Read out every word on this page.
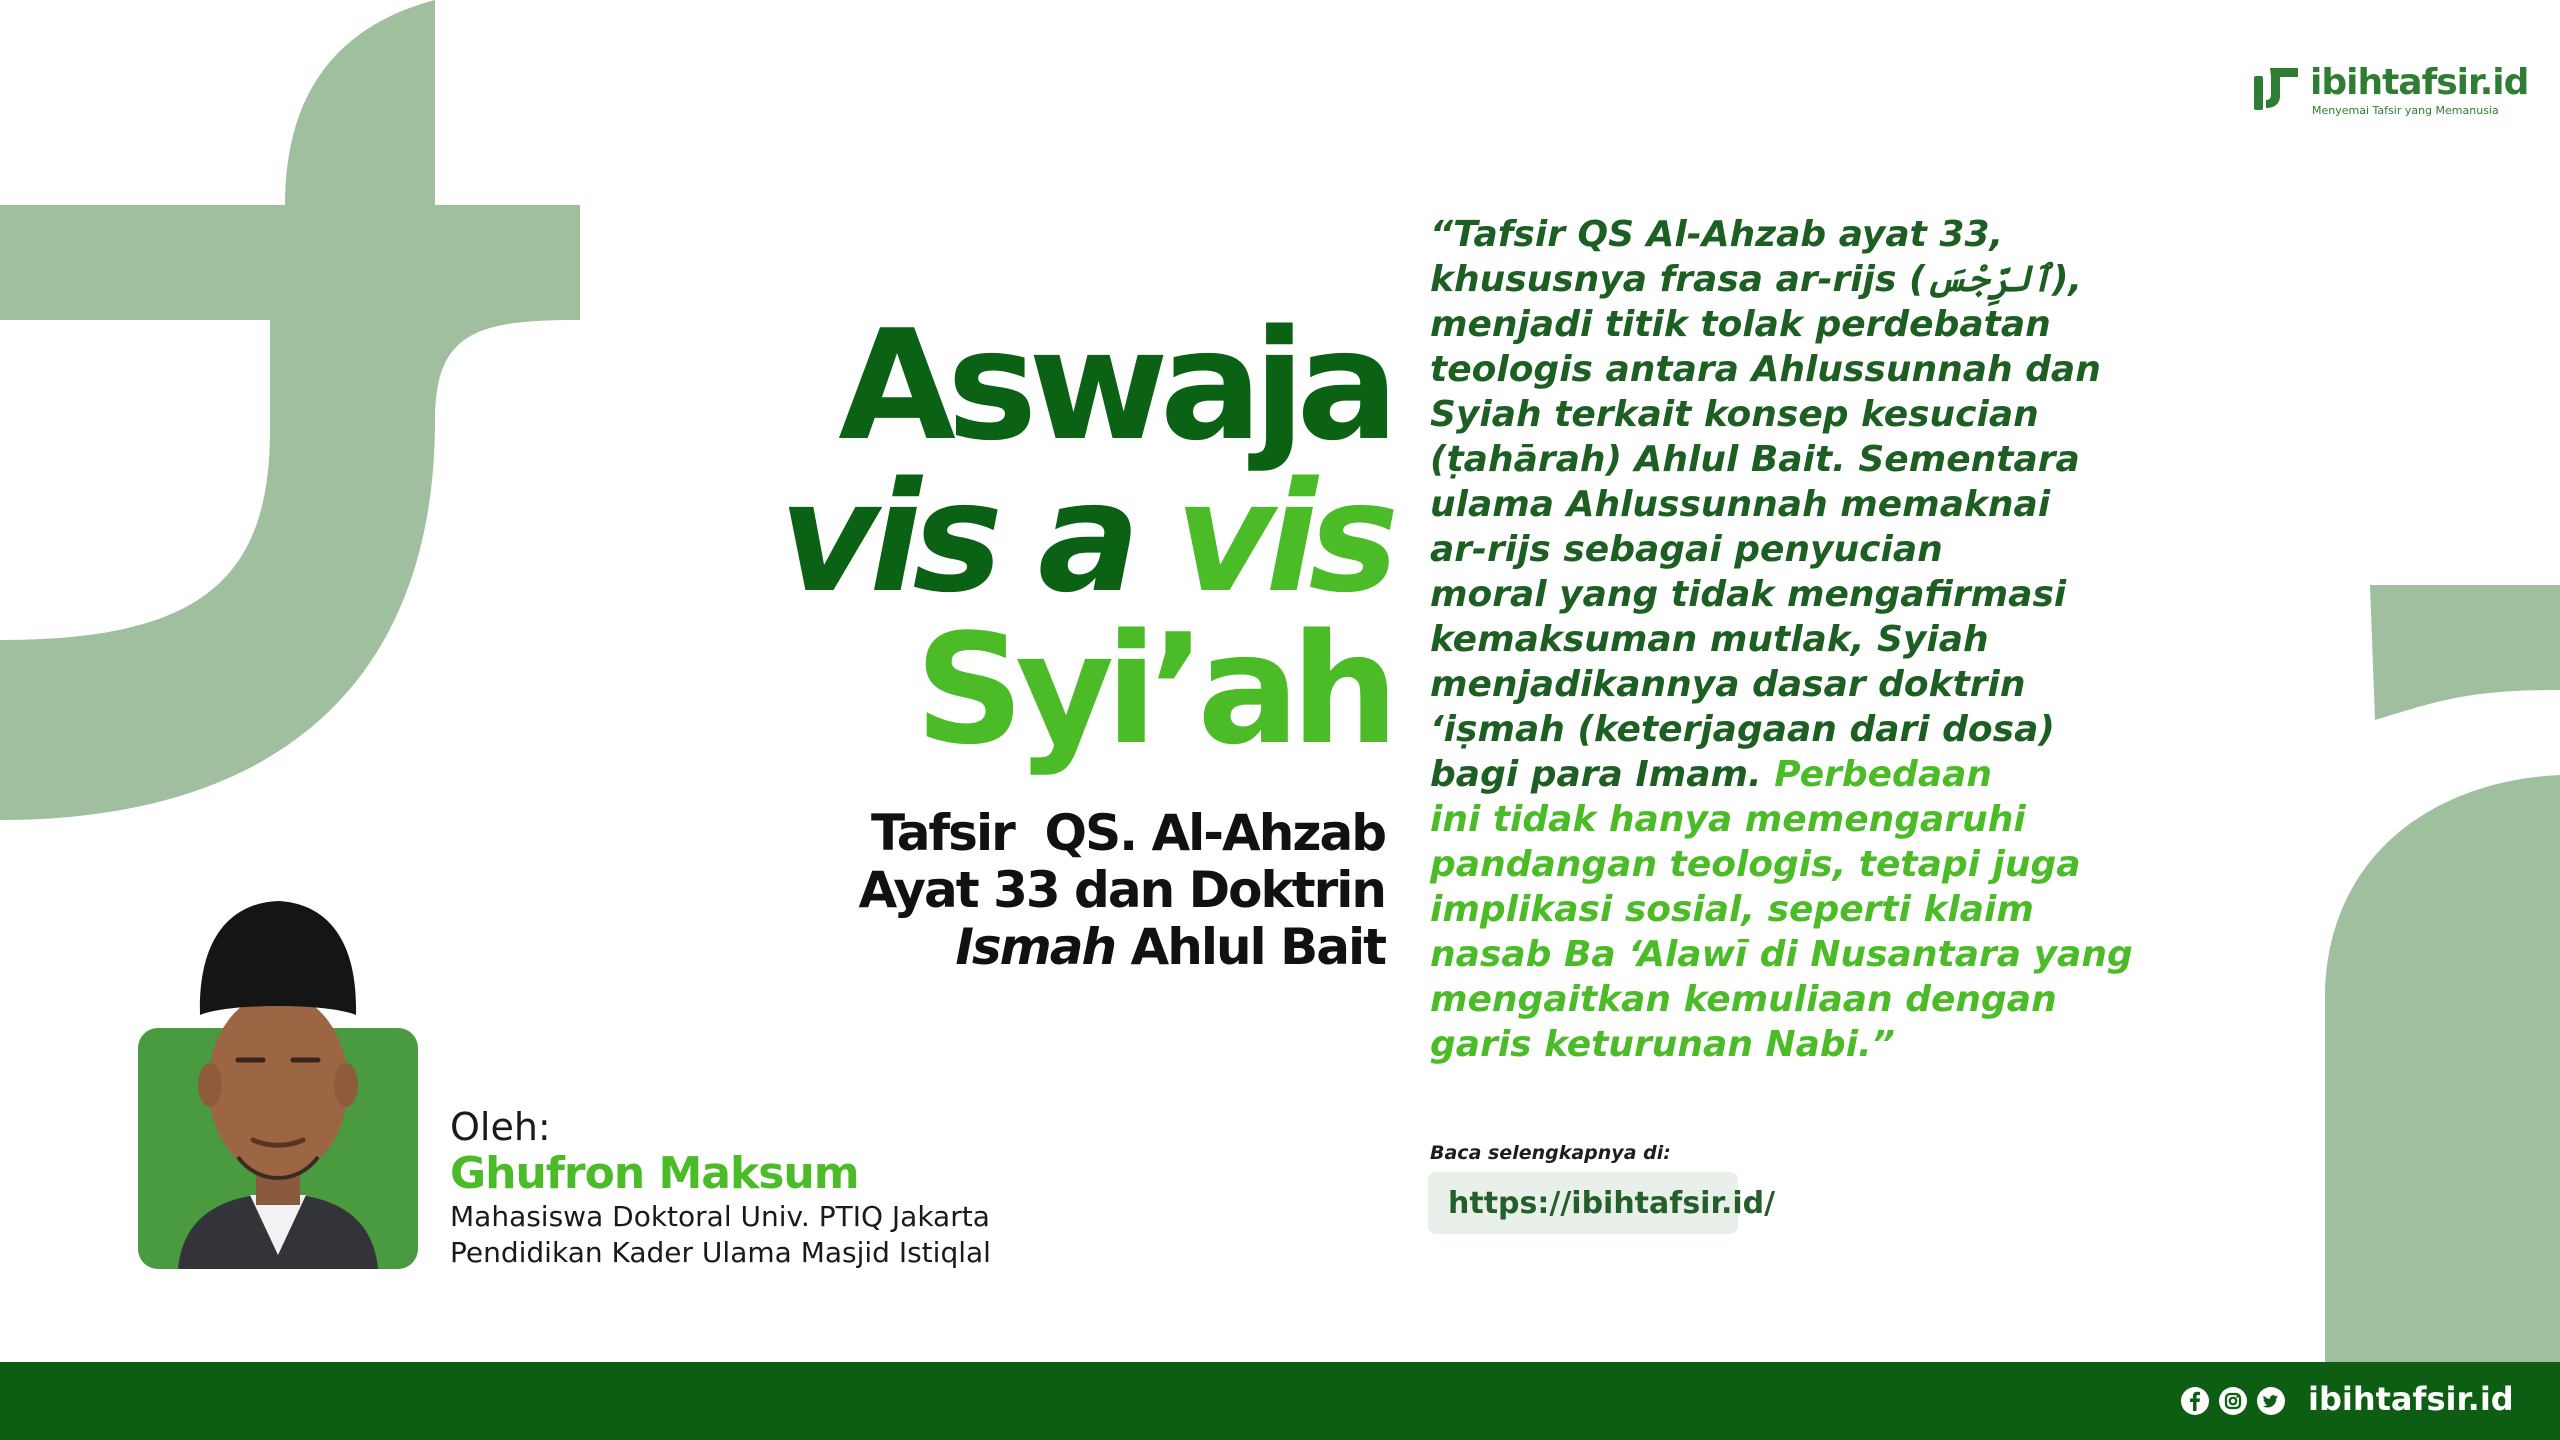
ibihtafsir.id
Menyemai Tafsir yang Memanusia
Aswaja
vis a vis
Syi’ah
Tafsir  QS. Al-Ahzab
Ayat 33 dan Doktrin
Ismah Ahlul Bait
“Tafsir QS Al-Ahzab ayat 33,
khususnya frasa ar-rijs (ٱلرِّجْسَ),
menjadi titik tolak perdebatan
teologis antara Ahlussunnah dan
Syiah terkait konsep kesucian
(ṭahārah) Ahlul Bait. Sementara
ulama Ahlussunnah memaknai
ar-rijs sebagai penyucian
moral yang tidak mengafirmasi
kemaksuman mutlak, Syiah
menjadikannya dasar doktrin
‘iṣmah (keterjagaan dari dosa)
bagi para Imam. Perbedaan
ini tidak hanya memengaruhi
pandangan teologis, tetapi juga
implikasi sosial, seperti klaim
nasab Ba ‘Alawī di Nusantara yang
mengaitkan kemuliaan dengan
garis keturunan Nabi.”
Baca selengkapnya di:
https://ibihtafsir.id/
Oleh:
Ghufron Maksum
Mahasiswa Doktoral Univ. PTIQ Jakarta
Pendidikan Kader Ulama Masjid Istiqlal
ibihtafsir.id
